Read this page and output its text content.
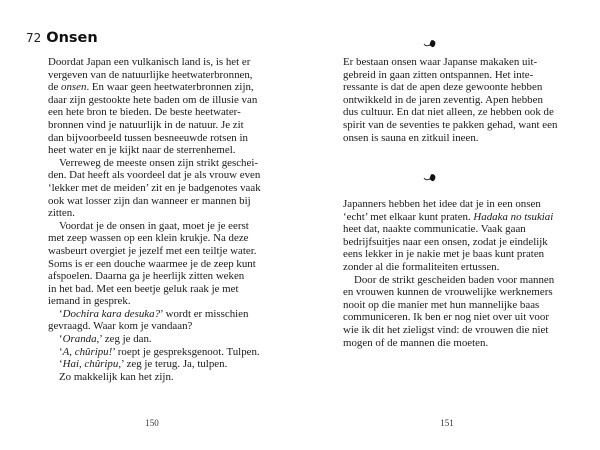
72 Onsen
Doordat Japan een vulkanisch land is, is het er
vergeven van de natuurlijke heetwaterbronnen,
de onsen. En waar geen heetwaterbronnen zijn,
daar zijn gestookte hete baden om de illusie van
een hete bron te bieden. De beste heetwater-
bronnen vind je natuurlijk in de natuur. Je zit
dan bijvoorbeeld tussen besneeuwde rotsen in
heet water en je kijkt naar de sterrenhemel.
Verreweg de meeste onsen zijn strikt geschei-
den. Dat heeft als voordeel dat je als vrouw even
‘lekker met de meiden’ zit en je badgenotes vaak
ook wat losser zijn dan wanneer er mannen bij
zitten.
Voordat je de onsen in gaat, moet je je eerst
met zeep wassen op een klein krukje. Na deze
wasbeurt overgiet je jezelf met een teiltje water.
Soms is er een douche waarmee je de zeep kunt
afspoelen. Daarna ga je heerlijk zitten weken
in het bad. Met een beetje geluk raak je met
iemand in gesprek.
‘Dochira kara desuka?’ wordt er misschien
gevraagd. Waar kom je vandaan?
‘Oranda,’ zeg je dan.
‘A, chûripu!’ roept je gespreksgenoot. Tulpen.
‘Hai, chûripu,’ zeg je terug. Ja, tulpen.
Zo makkelijk kan het zijn.
150
Er bestaan onsen waar Japanse makaken uit-
gebreid in gaan zitten ontspannen. Het inte-
ressante is dat de apen deze gewoonte hebben
ontwikkeld in de jaren zeventig. Apen hebben
dus cultuur. En dat niet alleen, ze hebben ook de
spirit van de seventies te pakken gehad, want een
onsen is sauna en zitkuil ineen.
Japanners hebben het idee dat je in een onsen
‘echt’ met elkaar kunt praten. Hadaka no tsukiai
heet dat, naakte communicatie. Vaak gaan
bedrijfsuitjes naar een onsen, zodat je eindelijk
eens lekker in je nakie met je baas kunt praten
zonder al die formaliteiten ertussen.
Door de strikt gescheiden baden voor mannen
en vrouwen kunnen de vrouwelijke werknemers
nooit op die manier met hun mannelijke baas
communiceren. Ik ben er nog niet over uit voor
wie ik dit het zieligst vind: de vrouwen die niet
mogen of de mannen die moeten.
151
